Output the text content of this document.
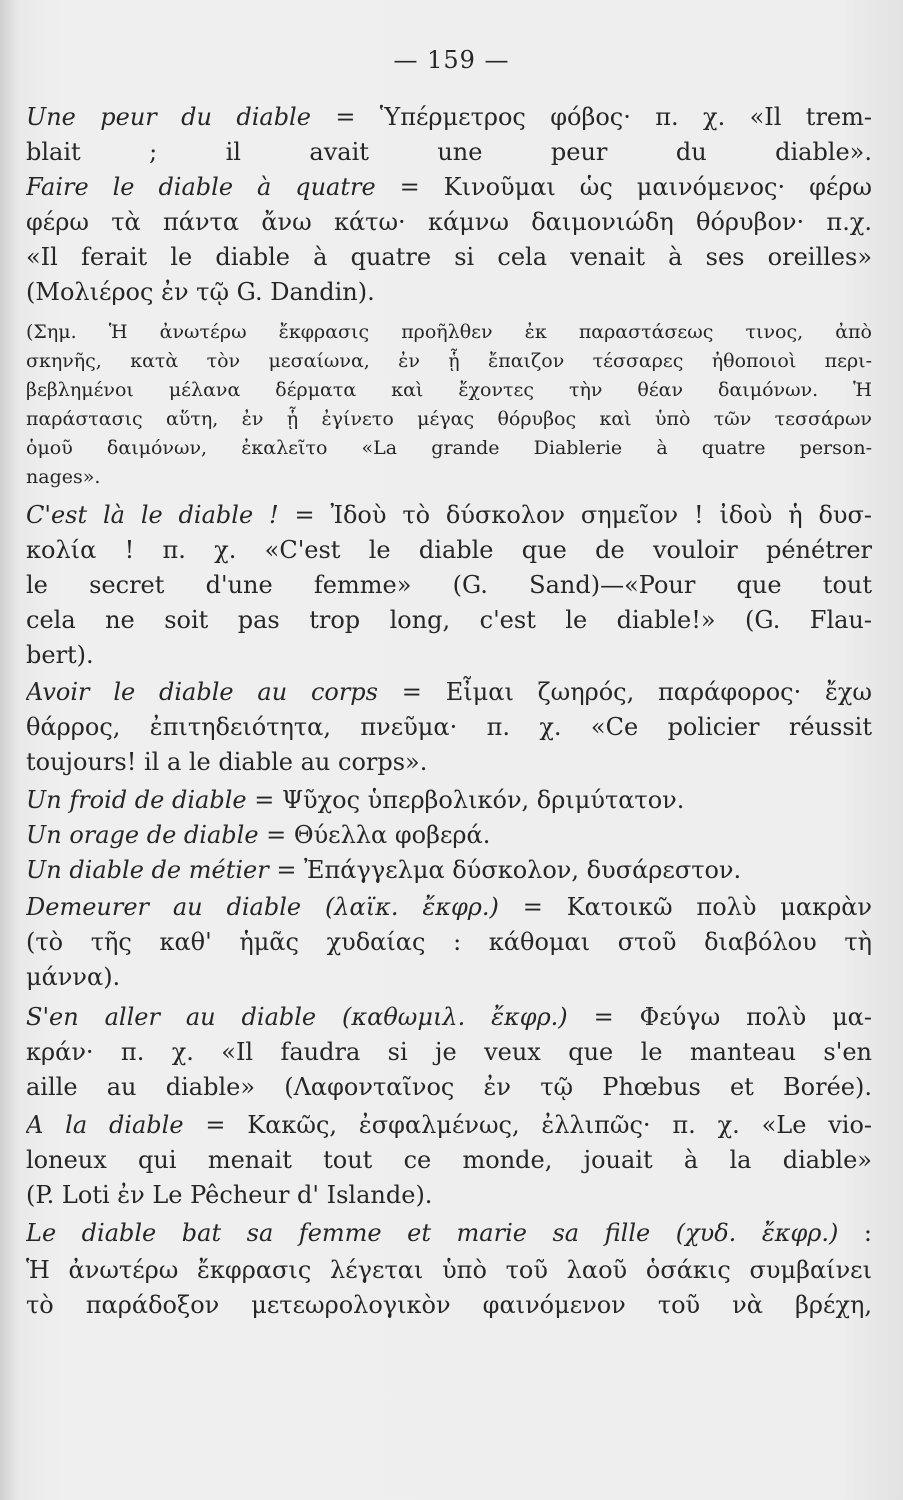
— 159 —
Une peur du diable = Ὑπέρμετρος φόβος· π. χ. «Il trem-
blait ; il avait une peur du diable».
Faire le diable à quatre = Κινοῦμαι ὡς μαινόμενος· φέρω
φέρω τὰ πάντα ἄνω κάτω· κάμνω δαιμονιώδη θόρυβον· π.χ.
«Il ferait le diable à quatre si cela venait à ses oreilles»
(Μολιέρος ἐν τῷ G. Dandin).
(Σημ. Ἡ ἀνωτέρω ἔκφρασις προῆλθεν ἐκ παραστάσεως τινος, ἀπὸ
σκηνῆς, κατὰ τὸν μεσαίωνα, ἐν ᾗ ἔπαιζον τέσσαρες ἠθοποιοὶ περι-
βεβλημένοι μέλανα δέρματα καὶ ἔχοντες τὴν θέαν δαιμόνων. Ἡ
παράστασις αὕτη, ἐν ᾗ ἐγίνετο μέγας θόρυβος καὶ ὑπὸ τῶν τεσσάρων
ὁμοῦ δαιμόνων, ἐκαλεῖτο «La grande Diablerie à quatre person-
nages».
C'est là le diable ! = Ἰδοὺ τὸ δύσκολον σημεῖον ! ἰδοὺ ἡ δυσ-
κολία ! π. χ. «C'est le diable que de vouloir pénétrer
le secret d'une femme» (G. Sand)—«Pour que tout
cela ne soit pas trop long, c'est le diable!» (G. Flau-
bert).
Avoir le diable au corps = Εἶμαι ζωηρός, παράφορος· ἔχω
θάρρος, ἐπιτηδειότητα, πνεῦμα· π. χ. «Ce policier réussit
toujours! il a le diable au corps».
Un froid de diable = Ψῦχος ὑπερβολικόν, δριμύτατον.
Un orage de diable = Θύελλα φοβερά.
Un diable de métier = Ἐπάγγελμα δύσκολον, δυσάρεστον.
Demeurer au diable (λαϊκ. ἔκφρ.) = Κατοικῶ πολὺ μακρὰν
(τὸ τῆς καθ' ἡμᾶς χυδαίας : κάθομαι στοῦ διαβόλου τὴ
μάννα).
S'en aller au diable (καθωμιλ. ἔκφρ.) = Φεύγω πολὺ μα-
κράν· π. χ. «Il faudra si je veux que le manteau s'en
aille au diable» (Λαφονταῖνος ἐν τῷ Phœbus et Borée).
A la diable = Κακῶς, ἐσφαλμένως, ἐλλιπῶς· π. χ. «Le vio-
loneux qui menait tout ce monde, jouait à la diable»
(P. Loti ἐν Le Pêcheur d' Islande).
Le diable bat sa femme et marie sa fille (χυδ. ἔκφρ.) :
Ἡ ἀνωτέρω ἔκφρασις λέγεται ὑπὸ τοῦ λαοῦ ὁσάκις συμβαίνει
τὸ παράδοξον μετεωρολογικὸν φαινόμενον τοῦ νὰ βρέχη,
